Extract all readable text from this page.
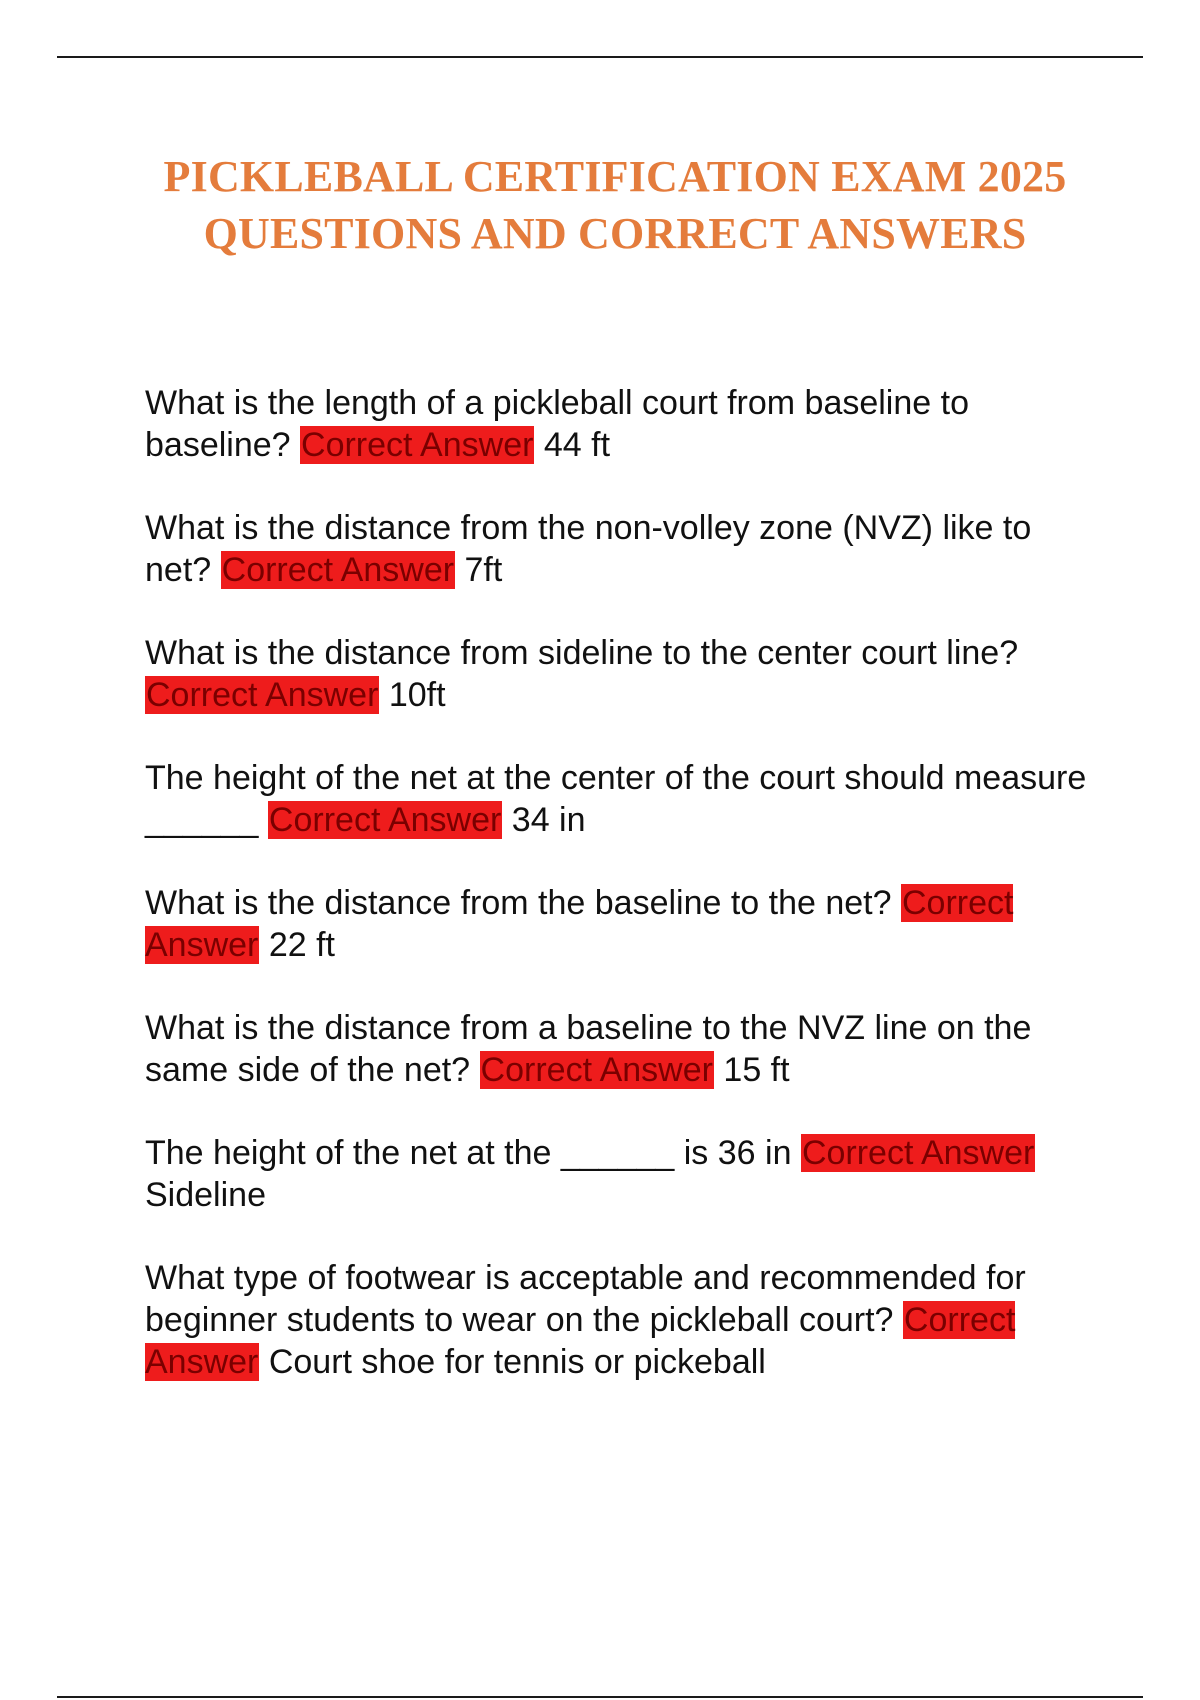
PICKLEBALL CERTIFICATION EXAM 2025 QUESTIONS AND CORRECT ANSWERS

What is the length of a pickleball court from baseline to baseline? Correct Answer 44 ft

What is the distance from the non-volley zone (NVZ) like to net? Correct Answer 7ft

What is the distance from sideline to the center court line? Correct Answer 10ft

The height of the net at the center of the court should measure ______ Correct Answer 34 in

What is the distance from the baseline to the net? Correct Answer 22 ft

What is the distance from a baseline to the NVZ line on the same side of the net? Correct Answer 15 ft

The height of the net at the ______ is 36 in Correct Answer Sideline

What type of footwear is acceptable and recommended for beginner students to wear on the pickleball court? Correct Answer Court shoe for tennis or pickeball
